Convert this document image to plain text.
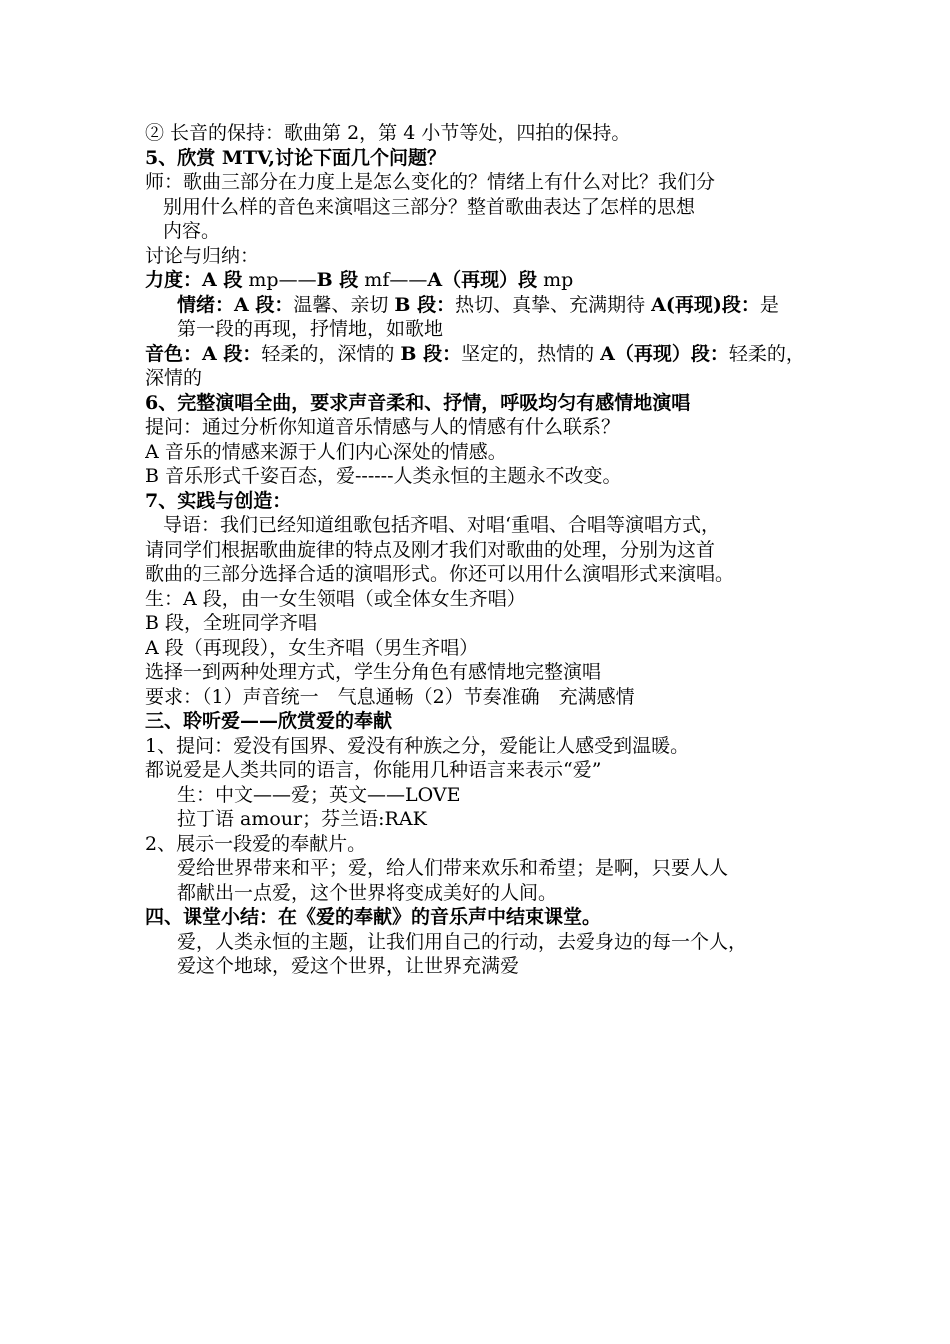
② 长音的保持：歌曲第 2，第 4 小节等处，四拍的保持。
5、欣赏 MTV,讨论下面几个问题？
师：歌曲三部分在力度上是怎么变化的？情绪上有什么对比？我们分
别用什么样的音色来演唱这三部分？整首歌曲表达了怎样的思想
内容。
讨论与归纳：
力度：A 段 mp——B 段 mf——A（再现）段 mp
情绪：A 段：温馨、亲切 B 段：热切、真挚、充满期待 A(再现)段：是
第一段的再现，抒情地，如歌地
音色：A 段：轻柔的，深情的 B 段：坚定的，热情的 A（再现）段：轻柔的，
深情的
6、完整演唱全曲，要求声音柔和、抒情，呼吸均匀有感情地演唱
提问：通过分析你知道音乐情感与人的情感有什么联系？
A 音乐的情感来源于人们内心深处的情感。
B 音乐形式千姿百态，爱------人类永恒的主题永不改变。
7、实践与创造：
导语：我们已经知道组歌包括齐唱、对唱‘重唱、合唱等演唱方式，
请同学们根据歌曲旋律的特点及刚才我们对歌曲的处理，分别为这首
歌曲的三部分选择合适的演唱形式。你还可以用什么演唱形式来演唱。
生：A 段，由一女生领唱（或全体女生齐唱）
B 段，全班同学齐唱
A 段（再现段），女生齐唱（男生齐唱）
选择一到两种处理方式，学生分角色有感情地完整演唱
要求：（1）声音统一　气息通畅（2）节奏准确　充满感情
三、聆听爱——欣赏爱的奉献
1、提问：爱没有国界、爱没有种族之分，爱能让人感受到温暖。
都说爱是人类共同的语言，你能用几种语言来表示“爱”
生：中文——爱；英文——LOVE
拉丁语 amour；芬兰语:RAK
2、展示一段爱的奉献片。
爱给世界带来和平；爱，给人们带来欢乐和希望；是啊，只要人人
都献出一点爱，这个世界将变成美好的人间。
四、课堂小结：在《爱的奉献》的音乐声中结束课堂。
爱，人类永恒的主题，让我们用自己的行动，去爱身边的每一个人，
爱这个地球，爱这个世界，让世界充满爱
